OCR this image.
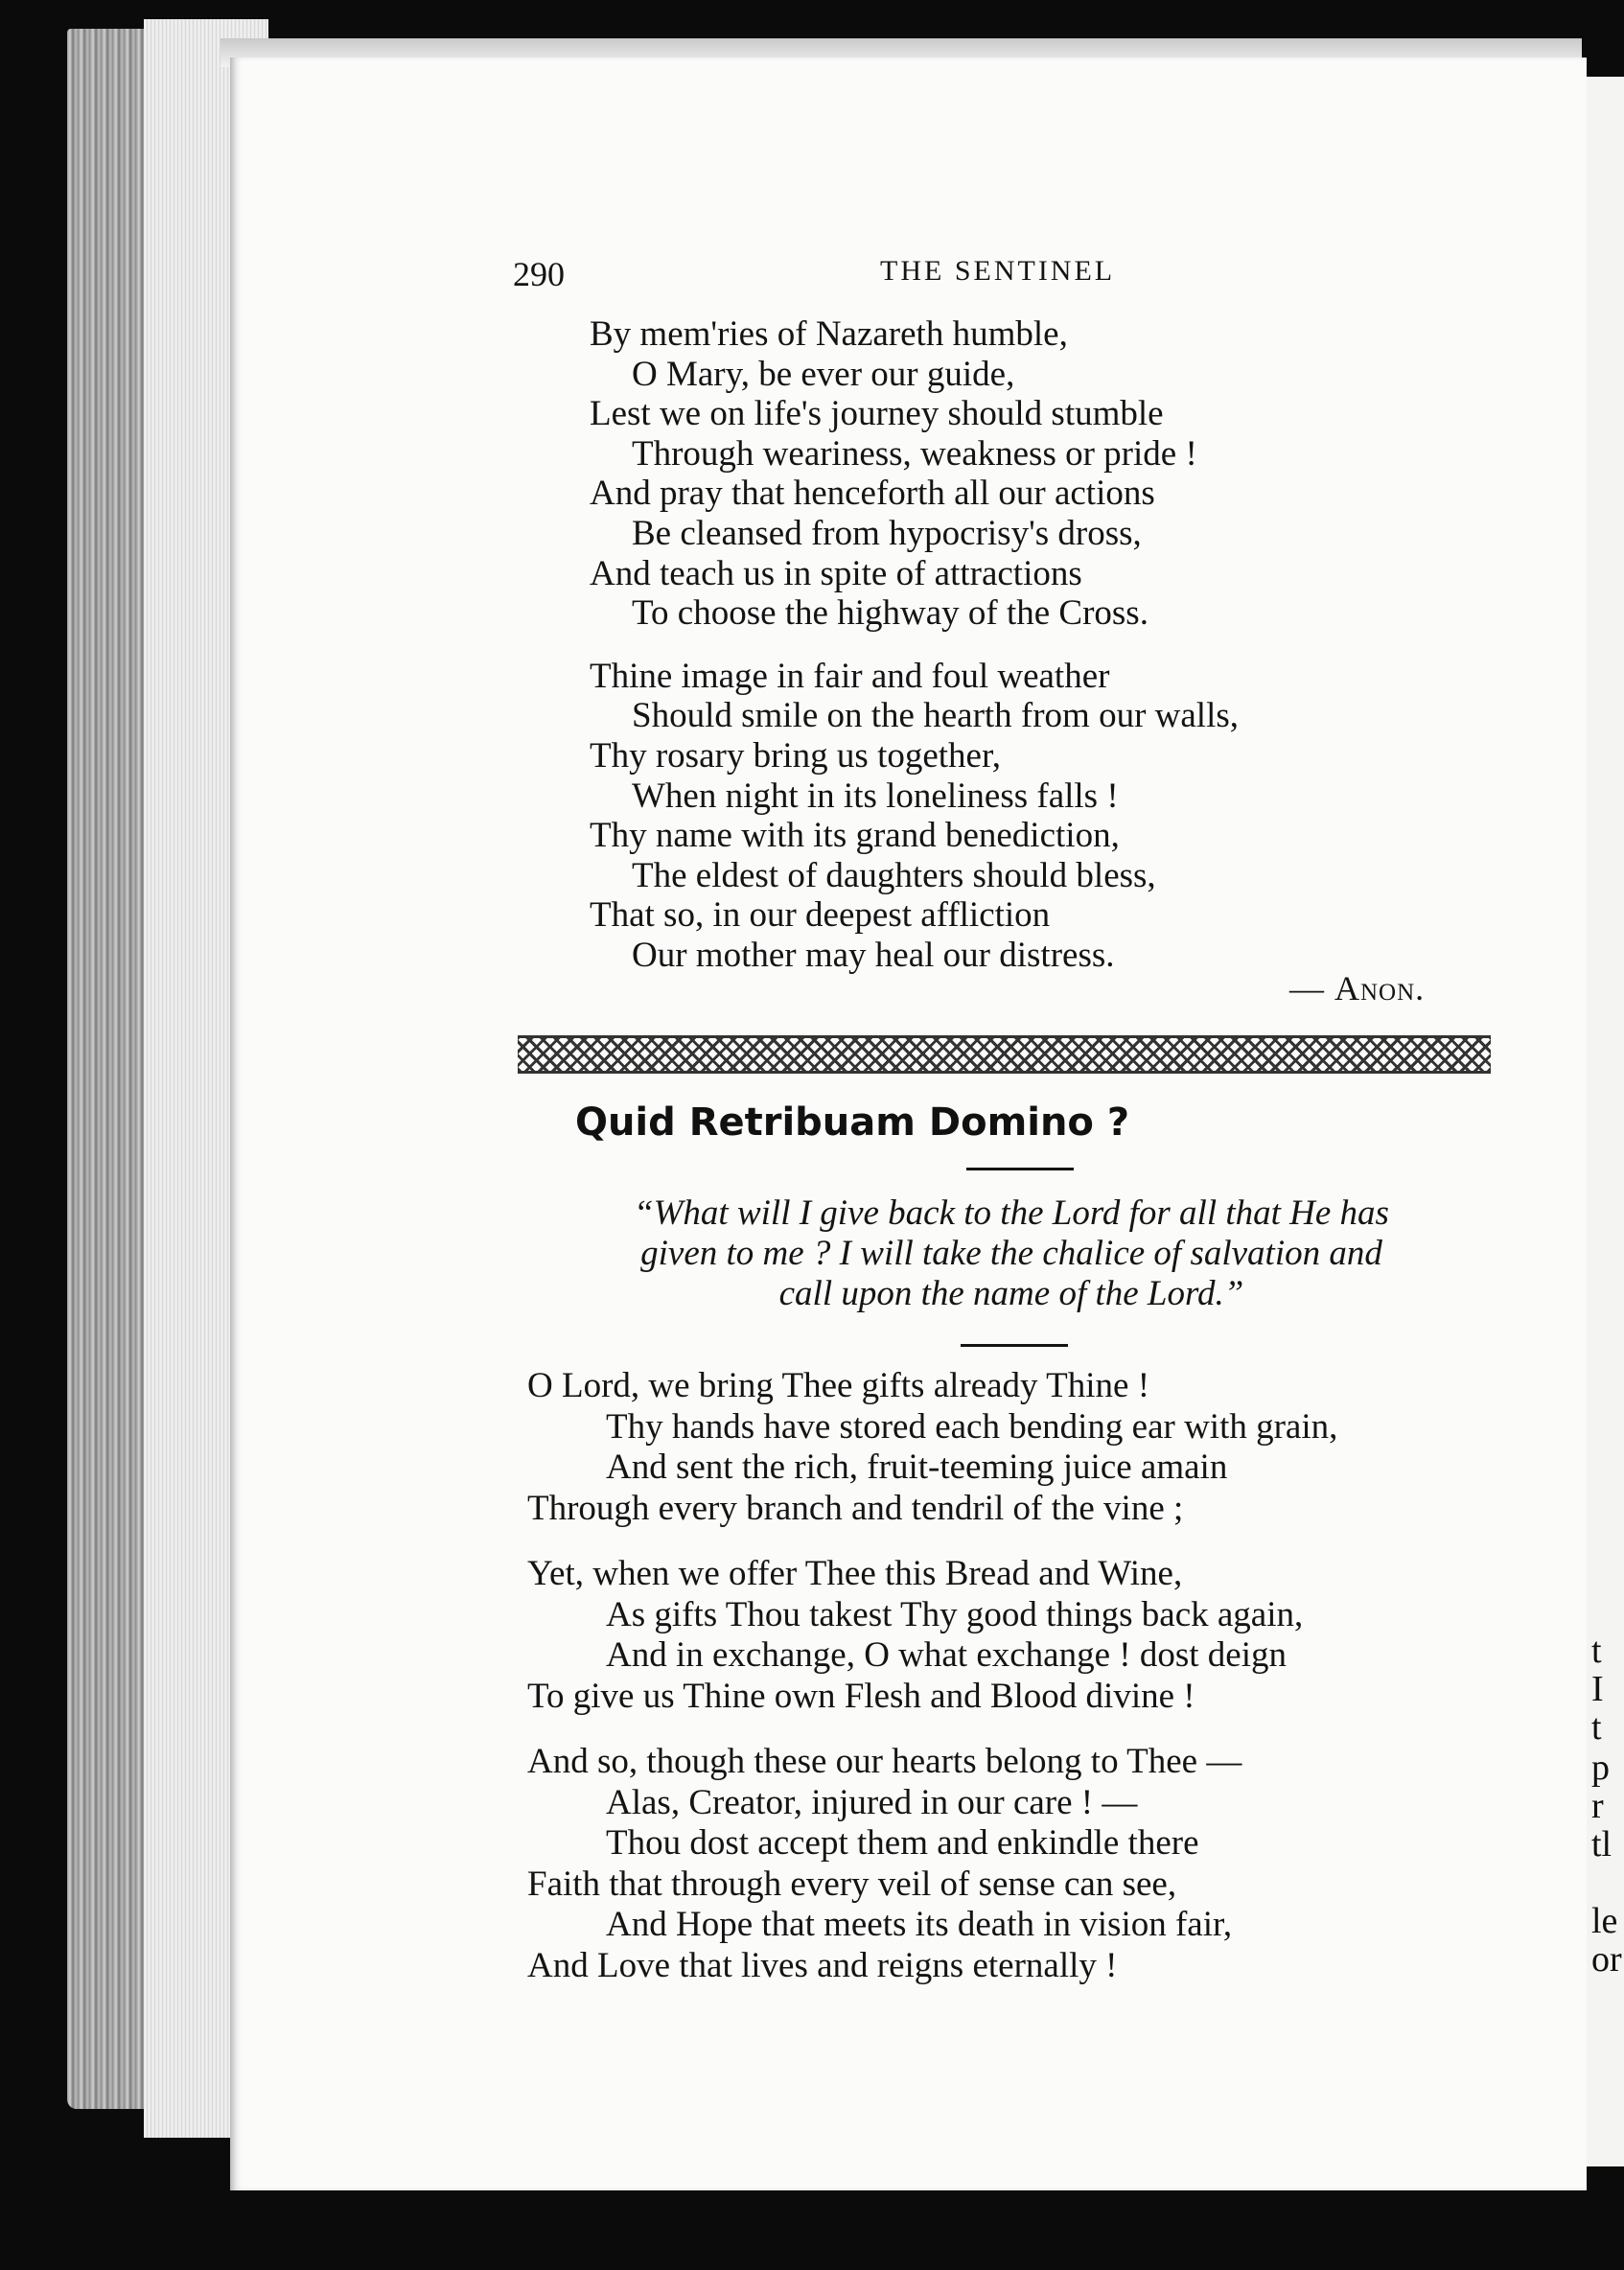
t
I
t
p
r
tl
le
or
290	THE SENTINEL
By mem'ries of Nazareth humble,
O Mary, be ever our guide,
Lest we on life's journey should stumble
Through weariness, weakness or pride !
And pray that henceforth all our actions
Be cleansed from hypocrisy's dross,
And teach us in spite of attractions
To choose the highway of the Cross.
Thine image in fair and foul weather
Should smile on the hearth from our walls,
Thy rosary bring us together,
When night in its loneliness falls !
Thy name with its grand benediction,
The eldest of daughters should bless,
That so, in our deepest affliction
Our mother may heal our distress.
— Anon.
Quid Retribuam Domino ?
“What will I give back to the Lord for all that He has
given to me ? I will take the chalice of salvation and
call upon the name of the Lord.”
O Lord, we bring Thee gifts already Thine !
Thy hands have stored each bending ear with grain,
And sent the rich, fruit-teeming juice amain
Through every branch and tendril of the vine ;
Yet, when we offer Thee this Bread and Wine,
As gifts Thou takest Thy good things back again,
And in exchange, O what exchange ! dost deign
To give us Thine own Flesh and Blood divine !
And so, though these our hearts belong to Thee —
Alas, Creator, injured in our care ! —
Thou dost accept them and enkindle there
Faith that through every veil of sense can see,
And Hope that meets its death in vision fair,
And Love that lives and reigns eternally !
